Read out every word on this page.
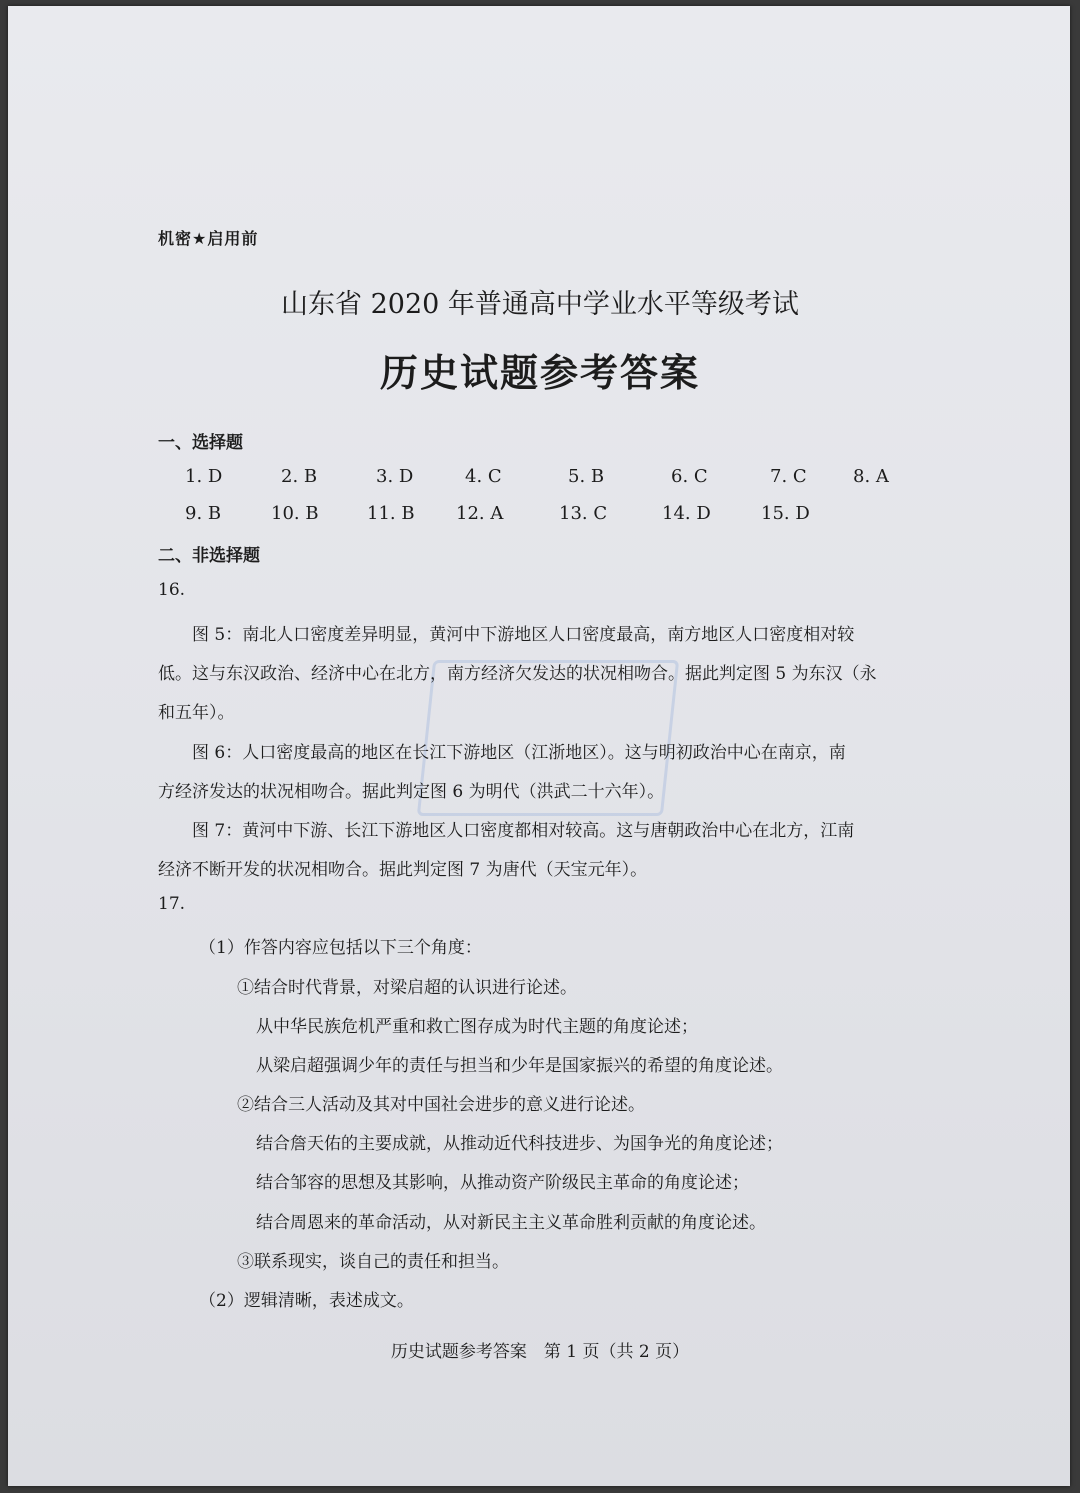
机密★启用前
山东省 2020 年普通高中学业水平等级考试
历史试题参考答案
一、选择题
1. D	2. B	3. D	4. C	5. B	6. C	7. C	8. A
9. B	10. B	11. B 12. A	13. C	14. D	15. D
二、非选择题
16.
图 5：南北人口密度差异明显，黄河中下游地区人口密度最高，南方地区人口密度相对较
低。这与东汉政治、经济中心在北方，南方经济欠发达的状况相吻合。据此判定图 5 为东汉（永
和五年）。
图 6：人口密度最高的地区在长江下游地区（江浙地区）。这与明初政治中心在南京，南
方经济发达的状况相吻合。据此判定图 6 为明代（洪武二十六年）。
图 7：黄河中下游、长江下游地区人口密度都相对较高。这与唐朝政治中心在北方，江南
经济不断开发的状况相吻合。据此判定图 7 为唐代（天宝元年）。
17.
（1）作答内容应包括以下三个角度：
①结合时代背景，对梁启超的认识进行论述。
从中华民族危机严重和救亡图存成为时代主题的角度论述；
从梁启超强调少年的责任与担当和少年是国家振兴的希望的角度论述。
②结合三人活动及其对中国社会进步的意义进行论述。
结合詹天佑的主要成就，从推动近代科技进步、为国争光的角度论述；
结合邹容的思想及其影响，从推动资产阶级民主革命的角度论述；
结合周恩来的革命活动，从对新民主主义革命胜利贡献的角度论述。
③联系现实，谈自己的责任和担当。
（2）逻辑清晰，表述成文。
历史试题参考答案　第 1 页（共 2 页）
